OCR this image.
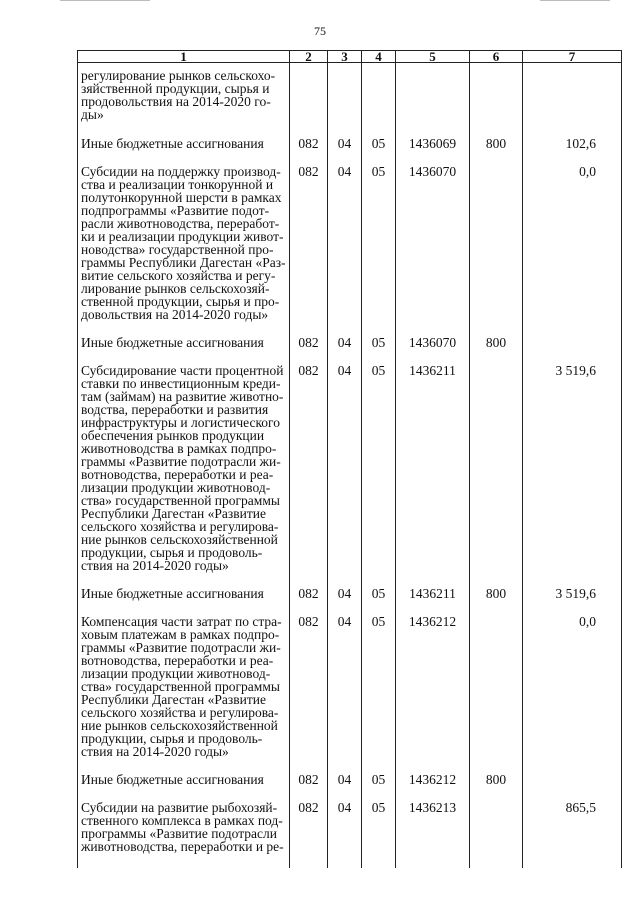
75
1	2	3	4	5	6	7

регулирование рынков сельскохо-зяйственной продукции, сырья и продовольствия на 2014-2020 го-ды»						
Иные бюджетные ассигнования	082	04	05	1436069	800	102,6
Субсидии на поддержку производ-ства и реализации тонкорунной и полутонкорунной шерсти в рамках подпрограммы «Развитие подот-расли животноводства, переработ-ки и реализации продукции живот-новодства» государственной про-граммы Республики Дагестан «Раз-витие сельского хозяйства и регу-лирование рынков сельскохозяй-ственной продукции, сырья и про-довольствия на 2014-2020 годы»	082	04	05	1436070		0,0
Иные бюджетные ассигнования	082	04	05	1436070	800	
Субсидирование части процентной ставки по инвестиционным креди-там (займам) на развитие животно-водства, переработки и развития инфраструктуры и логистического обеспечения рынков продукции животноводства в рамках подпро-граммы «Развитие подотрасли жи-вотноводства, переработки и реа-лизации продукции животновод-ства» государственной программы Республики Дагестан «Развитие сельского хозяйства и регулирова-ние рынков сельскохозяйственной продукции, сырья и продоволь-ствия на 2014-2020 годы»	082	04	05	1436211		3 519,6
Иные бюджетные ассигнования	082	04	05	1436211	800	3 519,6
Компенсация части затрат по стра-ховым платежам в рамках подпро-граммы «Развитие подотрасли жи-вотноводства, переработки и реа-лизации продукции животновод-ства» государственной программы Республики Дагестан «Развитие сельского хозяйства и регулирова-ние рынков сельскохозяйственной продукции, сырья и продоволь-ствия на 2014-2020 годы»	082	04	05	1436212		0,0
Иные бюджетные ассигнования	082	04	05	1436212	800	
Субсидии на развитие рыбохозяй-ственного комплекса в рамках под-программы «Развитие подотрасли животноводства, переработки и ре-	082	04	05	1436213		865,5
